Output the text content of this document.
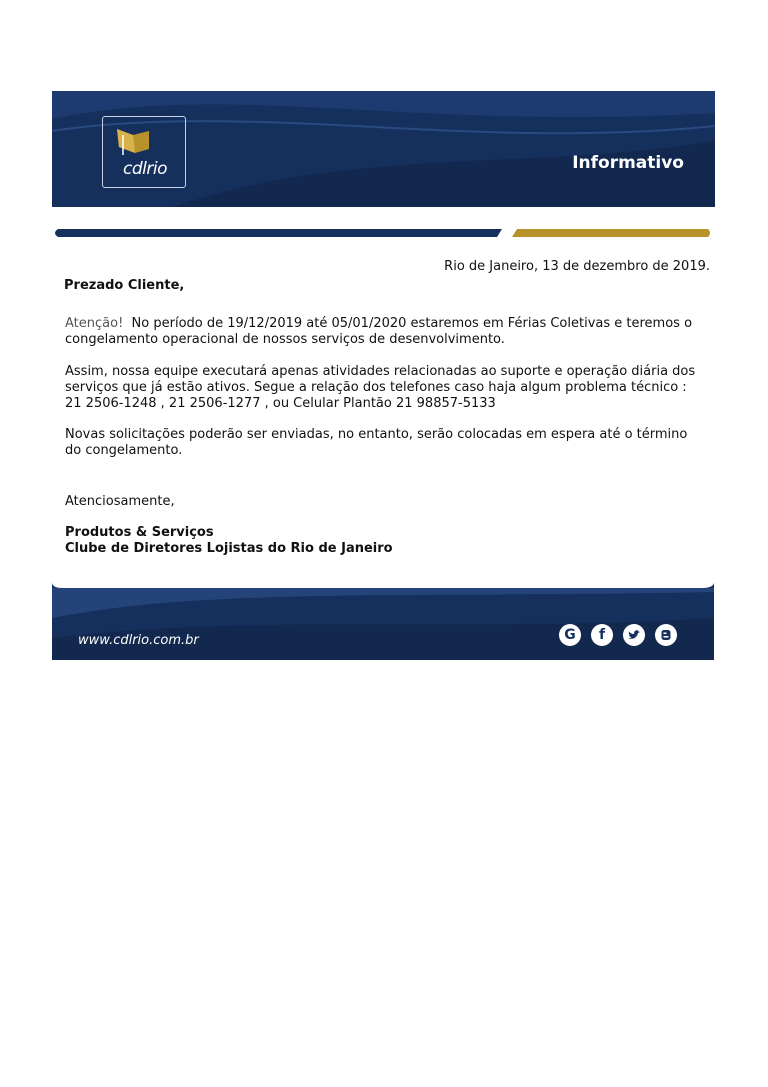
cdlrio	Informativo
Rio de Janeiro, 13 de dezembro de 2019.
Prezado Cliente,

Atenção! No período de 19/12/2019 até 05/01/2020 estaremos em Férias Coletivas e teremos o congelamento operacional de nossos serviços de desenvolvimento.

Assim, nossa equipe executará apenas atividades relacionadas ao suporte e operação diária dos serviços que já estão ativos. Segue a relação dos telefones caso haja algum problema técnico : 21 2506-1248 , 21 2506-1277 , ou Celular Plantão 21 98857-5133

Novas solicitações poderão ser enviadas, no entanto, serão colocadas em espera até o término do congelamento.

Atenciosamente,

Produtos & Serviços
Clube de Diretores Lojistas do Rio de Janeiro
www.cdlrio.com.br	G	f
